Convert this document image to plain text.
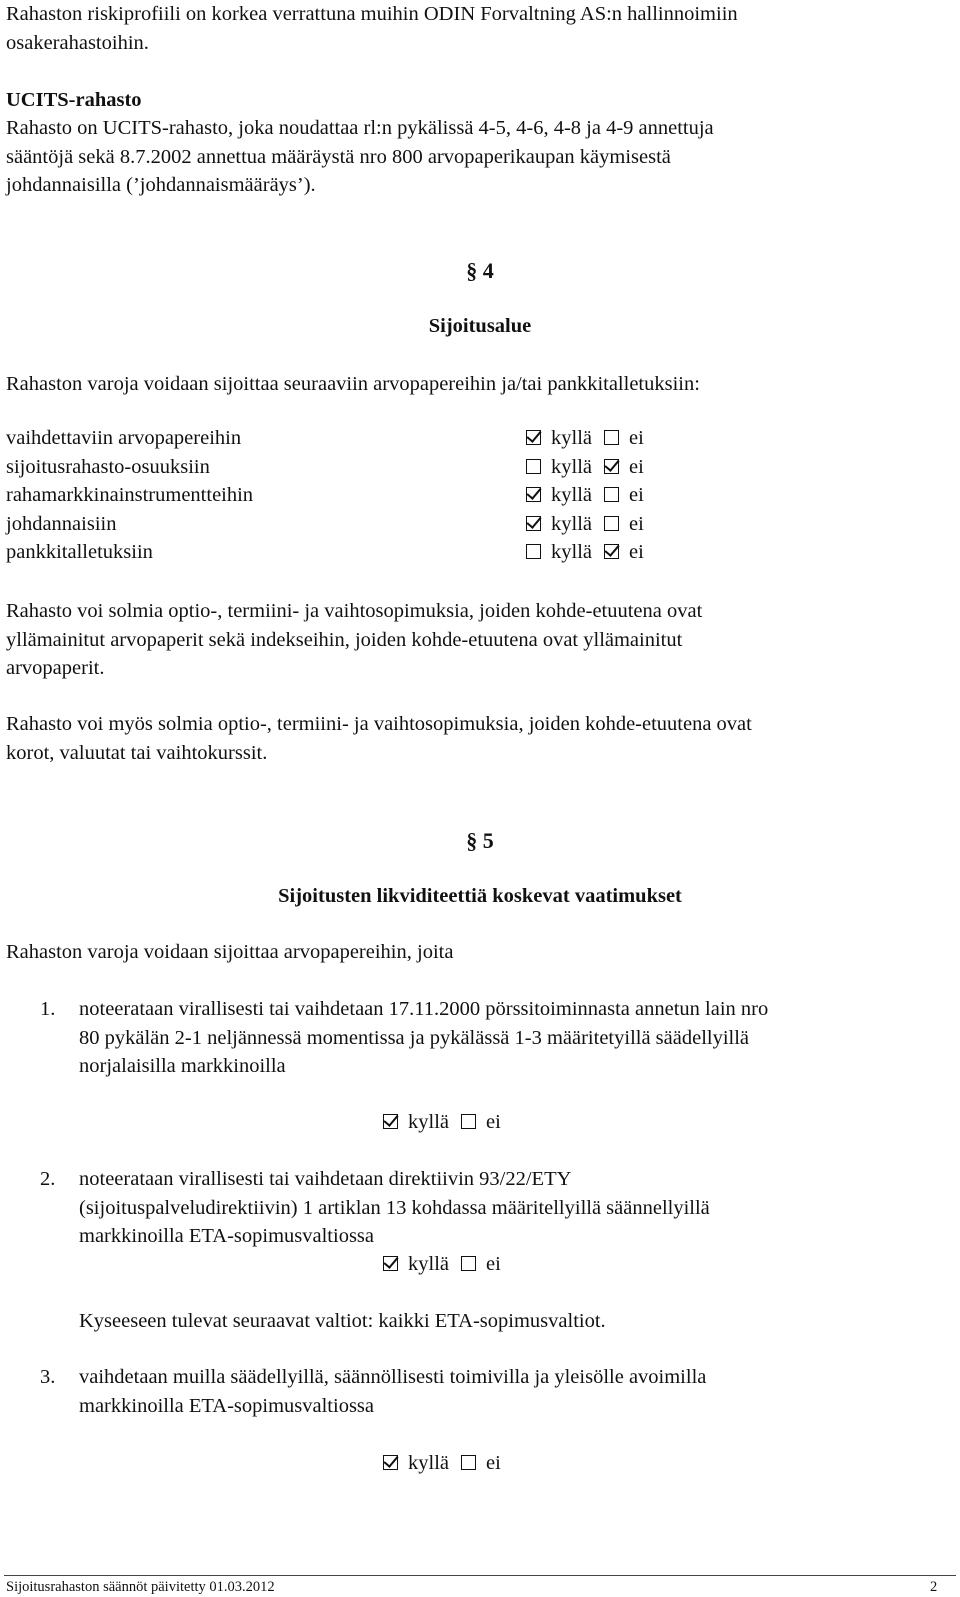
Rahaston riskiprofiili on korkea verrattuna muihin ODIN Forvaltning AS:n hallinnoimiin
osakerahastoihin.
UCITS-rahasto
Rahasto on UCITS-rahasto, joka noudattaa rl:n pykälissä 4-5, 4-6, 4-8 ja 4-9 annettuja
sääntöjä sekä 8.7.2002 annettua määräystä nro 800 arvopaperikaupan käymisestä
johdannaisilla (’johdannaismääräys’).
§ 4
Sijoitusalue
Rahaston varoja voidaan sijoittaa seuraaviin arvopapereihin ja/tai pankkitalletuksiin:
vaihdettaviin arvopapereihin	kyllä ei
sijoitusrahasto-osuuksiin	kyllä ei
rahamarkkinainstrumentteihin	kyllä ei
johdannaisiin	kyllä ei
pankkitalletuksiin	kyllä ei
Rahasto voi solmia optio-, termiini- ja vaihtosopimuksia, joiden kohde-etuutena ovat
yllämainitut arvopaperit sekä indekseihin, joiden kohde-etuutena ovat yllämainitut
arvopaperit.
Rahasto voi myös solmia optio-, termiini- ja vaihtosopimuksia, joiden kohde-etuutena ovat
korot, valuutat tai vaihtokurssit.
§ 5
Sijoitusten likviditeettiä koskevat vaatimukset
Rahaston varoja voidaan sijoittaa arvopapereihin, joita
1. noteerataan virallisesti tai vaihdetaan 17.11.2000 pörssitoiminnasta annetun lain nro
80 pykälän 2-1 neljännessä momentissa ja pykälässä 1-3 määritetyillä säädellyillä
norjalaisilla markkinoilla
kyllä ei
2. noteerataan virallisesti tai vaihdetaan direktiivin 93/22/ETY
(sijoituspalveludirektiivin) 1 artiklan 13 kohdassa määritellyillä säännellyillä
markkinoilla ETA-sopimusvaltiossa
kyllä ei
Kyseeseen tulevat seuraavat valtiot: kaikki ETA-sopimusvaltiot.
3. vaihdetaan muilla säädellyillä, säännöllisesti toimivilla ja yleisölle avoimilla
markkinoilla ETA-sopimusvaltiossa
kyllä ei
Sijoitusrahaston säännöt päivitetty 01.03.2012	2
